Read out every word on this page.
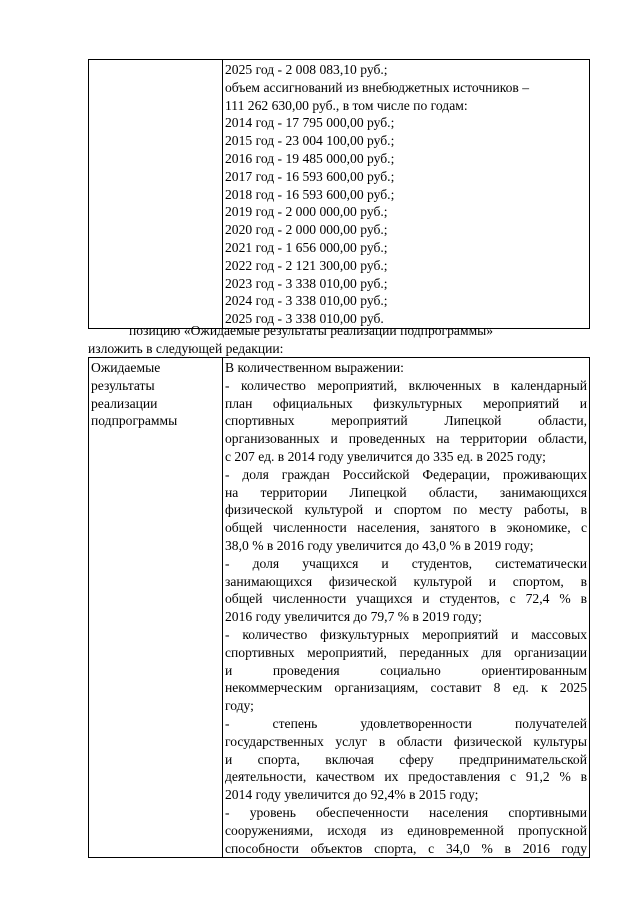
2025 год - 2 008 083,10 руб.;
объем ассигнований из внебюджетных источников –
111 262 630,00 руб., в том числе по годам:
2014 год - 17 795 000,00 руб.;
2015 год - 23 004 100,00 руб.;
2016 год - 19 485 000,00 руб.;
2017 год - 16 593 600,00 руб.;
2018 год - 16 593 600,00 руб.;
2019 год - 2 000 000,00 руб.;
2020 год - 2 000 000,00 руб.;
2021 год - 1 656 000,00 руб.;
2022 год - 2 121 300,00 руб.;
2023 год - 3 338 010,00 руб.;
2024 год - 3 338 010,00 руб.;
2025 год - 3 338 010,00 руб.
позицию «Ожидаемые результаты реализации подпрограммы»
изложить в следующей редакции:
Ожидаемые
результаты
реализации
подпрограммы

В количественном выражении:
- количество мероприятий, включенных в календарный
план официальных физкультурных мероприятий и
спортивных мероприятий Липецкой области,
организованных и проведенных на территории области,
с 207 ед. в 2014 году увеличится до 335 ед. в 2025 году;
- доля граждан Российской Федерации, проживающих
на территории Липецкой области, занимающихся
физической культурой и спортом по месту работы, в
общей численности населения, занятого в экономике, с
38,0 % в 2016 году увеличится до 43,0 % в 2019 году;
- доля учащихся и студентов, систематически
занимающихся физической культурой и спортом, в
общей численности учащихся и студентов, с 72,4 % в
2016 году увеличится до 79,7 % в 2019 году;
- количество физкультурных мероприятий и массовых
спортивных мероприятий, переданных для организации
и проведения социально ориентированным
некоммерческим организациям, составит 8 ед. к 2025
году;
- степень удовлетворенности получателей
государственных услуг в области физической культуры
и спорта, включая сферу предпринимательской
деятельности, качеством их предоставления с 91,2 % в
2014 году увеличится до 92,4% в 2015 году;
- уровень обеспеченности населения спортивными
сооружениями, исходя из единовременной пропускной
способности объектов спорта, с 34,0 % в 2016 году
